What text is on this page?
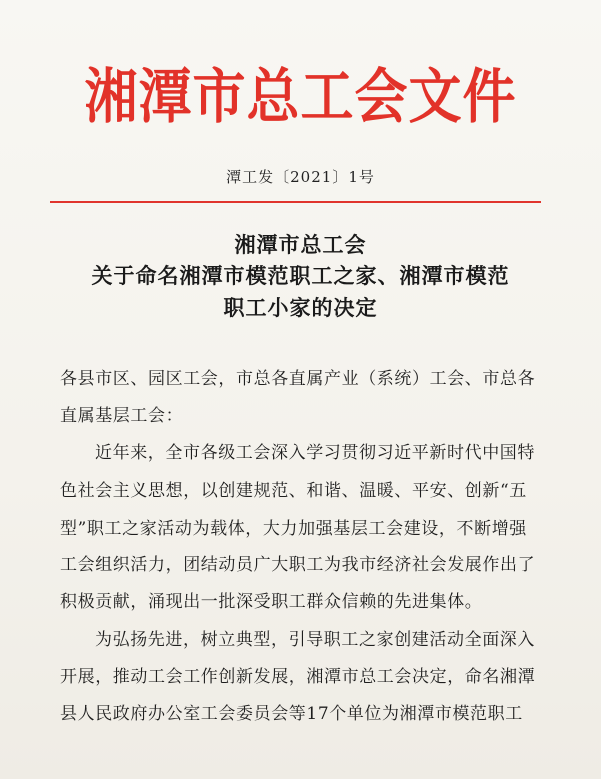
湘潭市总工会文件
潭工发〔2021〕1号
湘潭市总工会
关于命名湘潭市模范职工之家、湘潭市模范
职工小家的决定
各县市区、园区工会，市总各直属产业（系统）工会、市总各
直属基层工会：
近年来，全市各级工会深入学习贯彻习近平新时代中国特
色社会主义思想，以创建规范、和谐、温暖、平安、创新“五
型”职工之家活动为载体，大力加强基层工会建设，不断增强
工会组织活力，团结动员广大职工为我市经济社会发展作出了
积极贡献，涌现出一批深受职工群众信赖的先进集体。
为弘扬先进，树立典型，引导职工之家创建活动全面深入
开展，推动工会工作创新发展，湘潭市总工会决定，命名湘潭
县人民政府办公室工会委员会等17个单位为湘潭市模范职工
